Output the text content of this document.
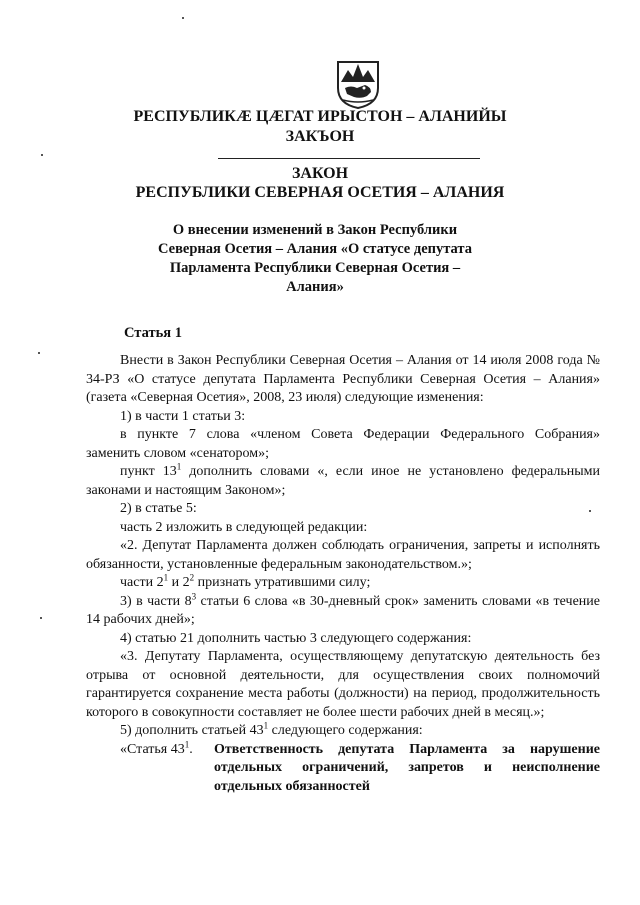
РЕСПУБЛИКӔ ЦӔГАТ ИРЫСТОН – АЛАНИЙЫ
ЗАКЪОН
ЗАКОН
РЕСПУБЛИКИ СЕВЕРНАЯ ОСЕТИЯ – АЛАНИЯ
О внесении изменений в Закон Республики Северная Осетия – Алания «О статусе депутата Парламента Республики Северная Осетия – Алания»
Статья 1

Внести в Закон Республики Северная Осетия – Алания от 14 июля 2008 года № 34-РЗ «О статусе депутата Парламента Республики Северная Осетия – Алания» (газета «Северная Осетия», 2008, 23 июля) следующие изменения:

1) в части 1 статьи 3:

в пункте 7 слова «членом Совета Федерации Федерального Собрания» заменить словом «сенатором»;

пункт $13^1$ дополнить словами «, если иное не установлено федеральными законами и настоящим Законом»;

2) в статье 5:

часть 2 изложить в следующей редакции:

«2. Депутат Парламента должен соблюдать ограничения, запреты и исполнять обязанности, установленные федеральным законодательством.»;

части $2^1$ и $2^2$ признать утратившими силу;

3) в части $8^3$ статьи 6 слова «в 30-дневный срок» заменить словами «в течение 14 рабочих дней»;

4) статью 21 дополнить частью 3 следующего содержания:

«3. Депутату Парламента, осуществляющему депутатскую деятельность без отрыва от основной деятельности, для осуществления своих полномочий гарантируется сохранение места работы (должности) на период, продолжительность которого в совокупности составляет не более шести рабочих дней в месяц.»;

5) дополнить статьей $43^1$ следующего содержания:

«Статья $43^1$.	Ответственность депутата Парламента за нарушение отдельных ограничений, запретов и неисполнение отдельных обязанностей
